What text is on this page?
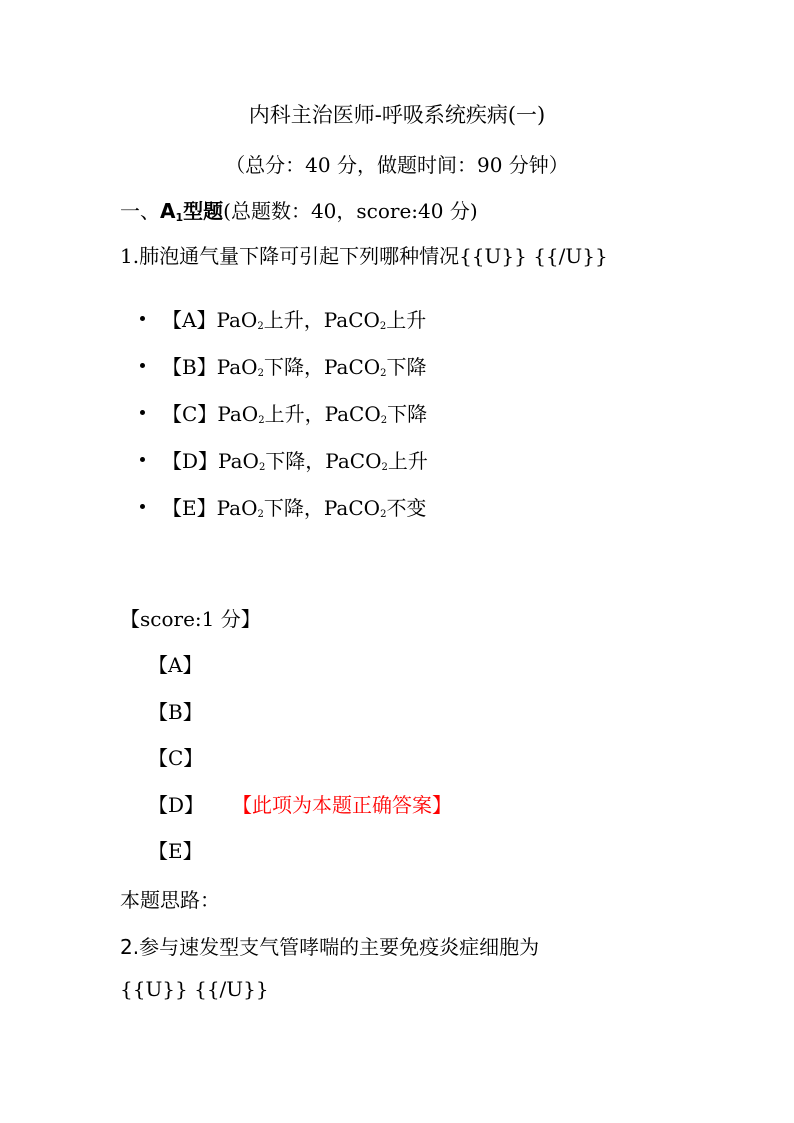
内科主治医师-呼吸系统疾病(一)
（总分：40 分，做题时间：90 分钟）
一、$A_1$型题(总题数：40，score:40 分)
1.肺泡通气量下降可引起下列哪种情况{{U}} {{/U}}
【A】PaO$_2$上升，PaCO$_2$上升
【B】PaO$_2$下降，PaCO$_2$下降
【C】PaO$_2$上升，PaCO$_2$下降
【D】PaO$_2$下降，PaCO$_2$上升
【E】PaO$_2$下降，PaCO$_2$不变
【score:1 分】
【A】
【B】
【C】
【D】 【此项为本题正确答案】
【E】
本题思路：
2.参与速发型支气管哮喘的主要免疫炎症细胞为
{{U}} {{/U}}
